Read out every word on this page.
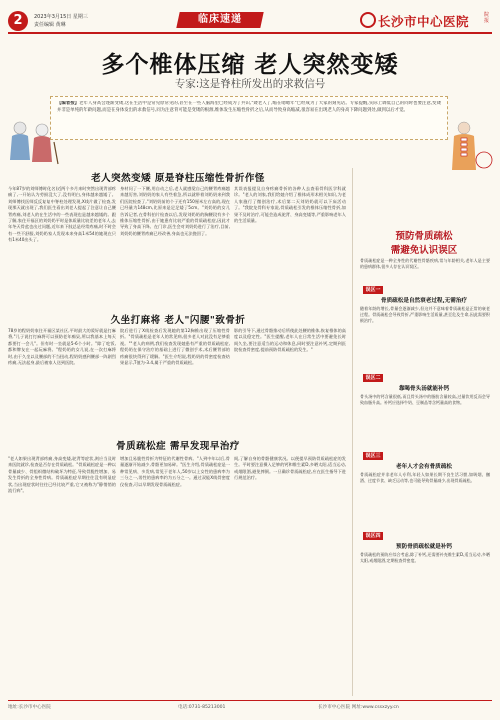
2	2023年3月15日 星期三
责任编辑 黄琳	临床速递	长沙市中心医院	院报
多个椎体压缩 老人突然变矮
专家:这是脊柱所发出的求救信号
【编者按】老年人身高会逐渐变矮,这在生活中是常见原常见的,甚至在一些人脑海里已经成为了共识,"矮老人了,缩在嗯嗯年"已经成为了大家的刻见话。专家提醒,实际上调低自己的同时也要注意,变矮并非是单纯的年龄问题,而是在身体发出的求救信号,同为注意背可能是变矮的根源,维体发生压缩性骨折之后,从而导致身高缩减,很容易在出现老人的身高下降问题到处,做到以后才觉。
老人突然变矮 原是脊柱压缩性骨折作怪
今年87岁的刘师傅时化名)近两个多月来时突然出现背部疼痛了,一开始认为劳损没大了,没有明白,身体越来越矮了。刘师傅找医师反反复复中脊柱处理发现,X线片做了检查,发现那天就出现了,我们医生看出刘老人提起了注意让自己腰背疼痛,刘老人的在生活中的一些表现也是越来越矮的。跟了解,家住开福区的刘奶奶平时是体质量比较差的老年人,去年冬天骨盆也出过问题,近年来下肢总是经常疼痛,时不时会有一些不舒服,刘奶奶家人发现本来身高1米54的她现在只有1米40出头了。
身材问了一下腰,用自动之后,老人就感觉自己的腰背疼痛越来越厉害,刘奶奶的家人有些着急,所以就带着刘奶奶来到我们医院检查了,"刘奶奶前的个子还有150厘米左右高的,现在已经量为148cm,比原来是足足矮了5cm。"刘奶奶的女儿告诉记者,在骨科拍片检查以后,发现刘奶奶的胸腰段有多个椎体压缩性骨折,由于她患有比较严重的骨质疏松症,因此才导致了身高下降。在门诊,医生会对刘奶奶进行了治疗,目前,刘奶奶的腰背疼痛已经改善,身高也无法挽回了。
其误表报提及自身疼痛骨折的各种人去查看骨科医学科就诊。"老人的刘家,我们给她介绍了椎体成形术相关知识,为老人家施行了微创治疗,术后第二天刘奶奶就可以下床活动了。"我院龙骨科专家说,骨质疏松引发的椎体压缩性骨折,如果不及时治疗,可能会造成驼背、身高变矮等,严重影响老年人的生活质量。
久坐打麻将 老人"闪腰"致骨折
78岁的程奶奶家住开福区某社区,平时最大的爱好就是打麻将,"儿子说打打麻将可以预防老年痴呆,所以我基本上每天都要打一会儿"。但有时一坐就是5-6个小时。"除了吃饭,都和牌友在一起玩麻将。"程奶奶的女儿说,在一次打麻将时,由于久坐以及腰部的不当扭动,程奶奶感到腰部一阵剧烈疼痛,无法起身,最后被家人送到医院。
院后进行了X线检查后发现她的第12胸椎出现了压缩性骨折。"骨质疏松是老年人的常见病,很多老人对此没有足够重视。""老人的病例,我们检查发现她患有严重的骨质疏松症,程奶奶在保守治疗的基础上进行了微创手术,术后腰背部的疼痛很快得到了缓解。"医生介绍说,程奶奶的骨密度检查结果显示,T值为-3.4,属于严重的骨质疏松。
影的引导下,通过骨骼推动后所使此处腰的椎体,恢复椎体的高度以及稳定性。"医生提醒,老年人在日常生活中要避免长时间久坐,要注意适当的运动和休息,同时要注意补钙,定期到医院检查骨密度,提前预防骨质疏松的发生。"
骨质疏松症 需早发现早治疗
"老人如果出现背部疼痛,身高变矮,驼背等症状,则应当及时来医院就诊,检查是否存在骨质疏松。"骨质疏松症是一种以骨量减少、骨组织微结构破坏为特征,导致骨脆性增加、易发生骨折的全身性骨病。骨质疏松症早期往往没有明显症状,当出现症状时往往已经比较严重,它又被称为"静悄悄的流行病"。
增加且易脆性骨折为特征的代谢性骨病。"人到中年以后,骨量逐渐开始减少,骨骼更加易碎。"医生介绍,骨质疏松症是一种常见病、多发病,常见于老年人,50岁以上女性的患病率为三分之一,男性的患病率约为五分之一。通过双能X线骨密度仪检查,可以早期发现骨质疏松症。
间,了解自身的骨骼健康状况。以便提早预防骨质疏松症的发生。平时要注意摄入足够的钙和维生素D,多晒太阳,适当运动,戒烟限酒,避免摔倒。一旦确诊骨质疏松症,应在医生指导下进行规范治疗。
预防骨质疏松
需避免认识误区
骨质疏松症是一种全身性的代谢性骨骼疾病,常与年龄相关,老年人是主要的患病群体,很多人存在认识误区。
误区一
骨质疏松是自然衰老过程,无需治疗
随着年龄的增长,骨量会逐渐减少,但这并不意味着骨质疏松是正常的衰老过程。骨质疏松会导致骨折,严重影响生活质量,甚至危及生命,因此需要积极治疗。
误区二
靠喝骨头汤就能补钙
骨头汤中的钙含量很低,而且骨头汤中的脂肪含量较高,过量饮用反而会导致血脂升高。补钙应选择牛奶、豆制品等含钙量高的食物。
误区三
老年人才会有骨质疏松
骨质疏松症并非老年人专利,年轻人如果长期不良生活习惯,如吸烟、酗酒、过度节食、缺乏运动等,也可能导致骨量减少,出现骨质疏松。
误区四
预防骨质疏松就是补钙
骨质疏松的预防应综合考虑,除了补钙,还需要补充维生素D,适当运动,多晒太阳,戒烟限酒,定期检查骨密度。
地址:长沙市中心医院	电话:0731-85213001	长沙市中心医院 网址:www.cssxzyy.cn
